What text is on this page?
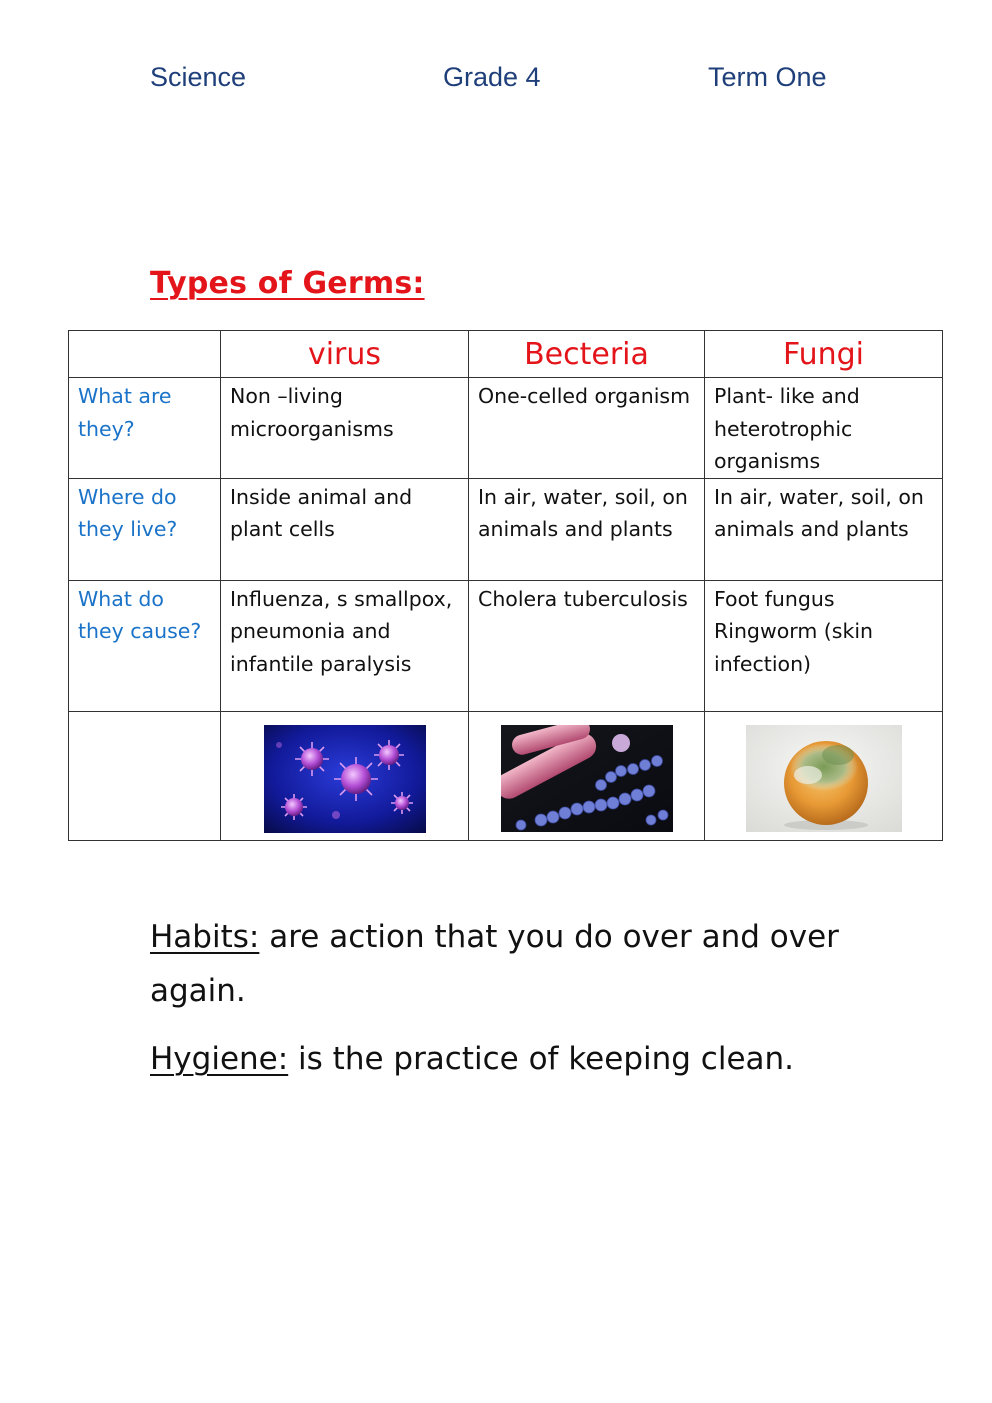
Science	Grade 4	Term One
Types of Germs:
	virus	Becteria	Fungi
What are they?	Non –living microorganisms	One-celled organism	Plant- like and heterotrophic organisms
Where do they live?	Inside animal and plant cells	In air, water, soil, on animals and plants	In air, water, soil, on animals and plants
What do they cause?	Influenza, s smallpox, pneumonia and infantile paralysis	Cholera tuberculosis	Foot fungus Ringworm (skin infection)

Habits: are action that you do over and over again.
Hygiene: is the practice of keeping clean.
